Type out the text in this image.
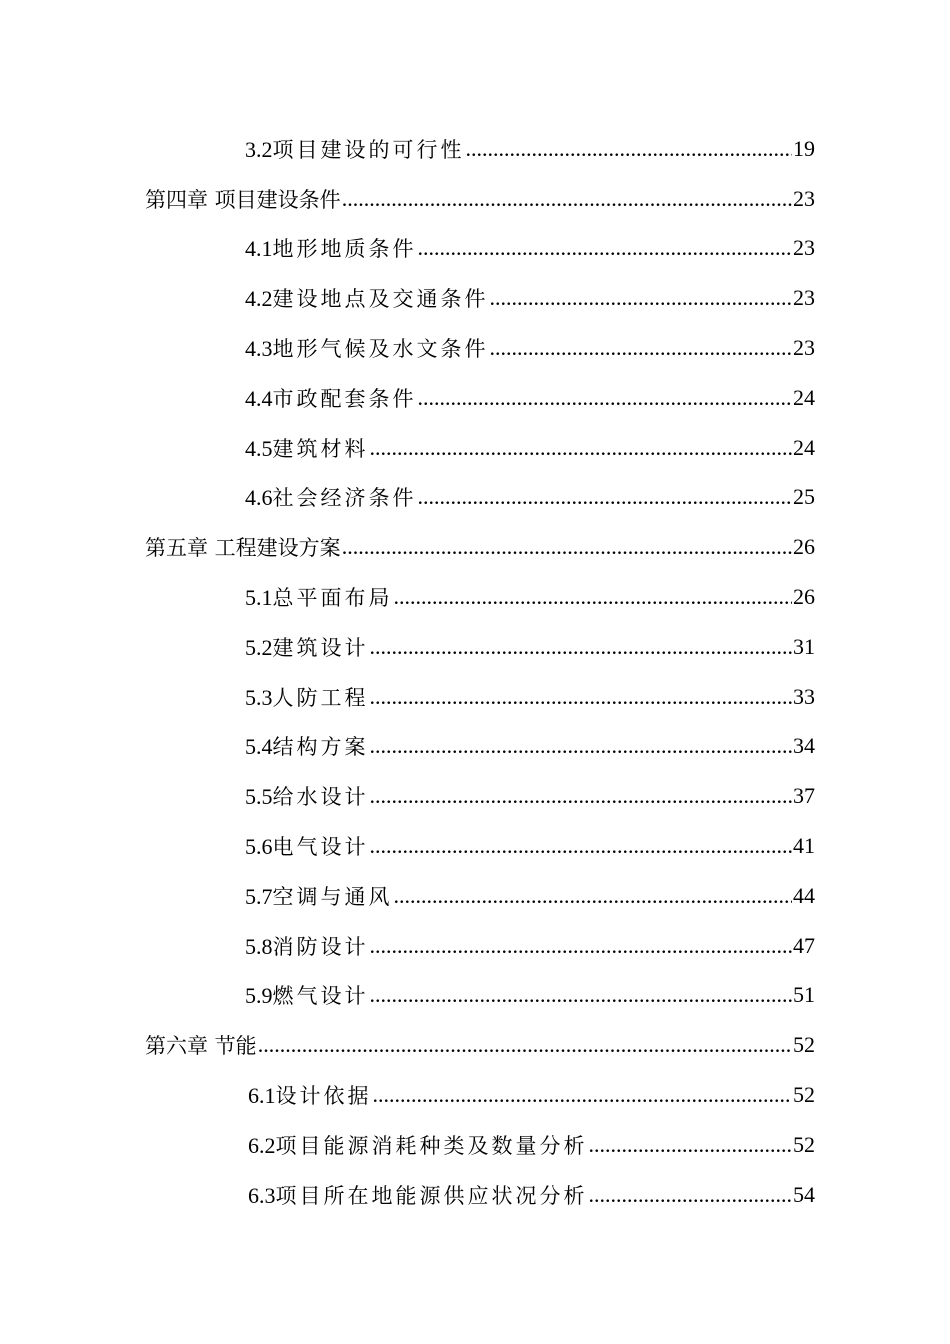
3.2项目建设的可行性 .....	19
第四章 项目建设条件 .....	23
4.1地形地质条件 .....	23
4.2建设地点及交通条件 .....	23
4.3地形气候及水文条件 .....	23
4.4市政配套条件 .....	24
4.5建筑材料 .....	24
4.6社会经济条件 .....	25
第五章 工程建设方案 .....	26
5.1总平面布局 .....	26
5.2建筑设计 .....	31
5.3人防工程 .....	33
5.4结构方案 .....	34
5.5给水设计 .....	37
5.6电气设计 .....	41
5.7空调与通风 .....	44
5.8消防设计 .....	47
5.9燃气设计 .....	51
第六章 节能 .....	52
6.1设计依据 .....	52
6.2项目能源消耗种类及数量分析 .....	52
6.3项目所在地能源供应状况分析 .....	54
